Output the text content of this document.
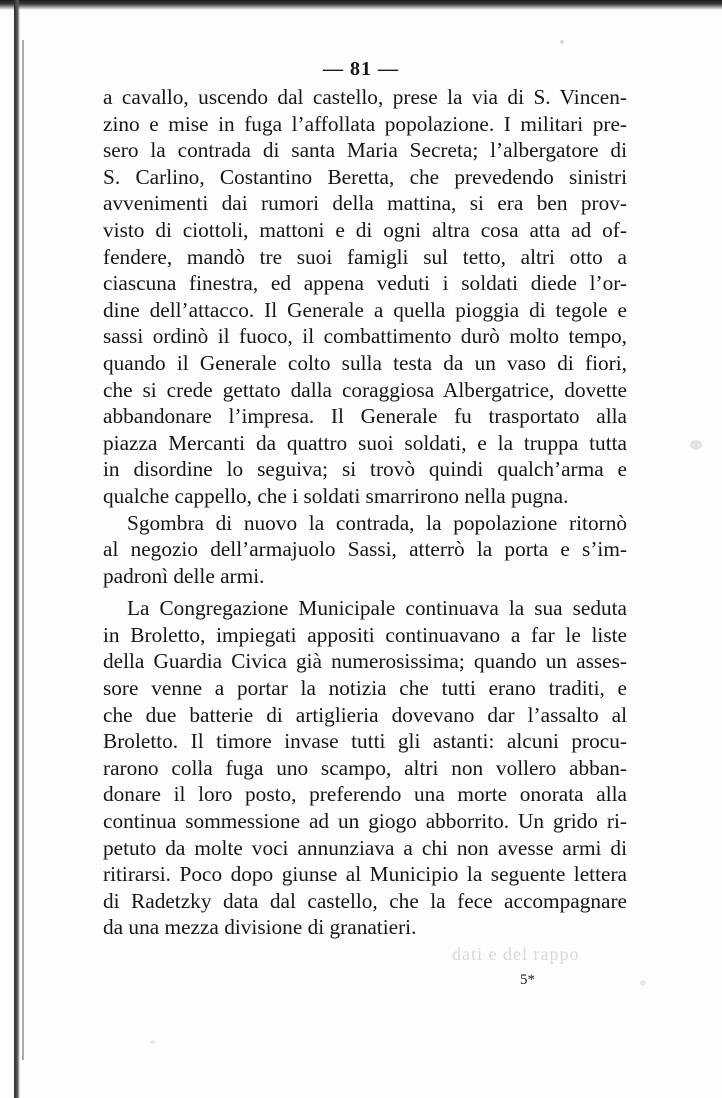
— 81 —
a cavallo, uscendo dal castello, prese la via di S. Vincen-
zino e mise in fuga l’affollata popolazione. I militari pre-
sero la contrada di santa Maria Secreta; l’albergatore di
S. Carlino, Costantino Beretta, che prevedendo sinistri
avvenimenti dai rumori della mattina, si era ben prov-
visto di ciottoli, mattoni e di ogni altra cosa atta ad of-
fendere, mandò tre suoi famigli sul tetto, altri otto a
ciascuna finestra, ed appena veduti i soldati diede l’or-
dine dell’attacco. Il Generale a quella pioggia di tegole e
sassi ordinò il fuoco, il combattimento durò molto tempo,
quando il Generale colto sulla testa da un vaso di fiori,
che si crede gettato dalla coraggiosa Albergatrice, dovette
abbandonare l’impresa. Il Generale fu trasportato alla
piazza Mercanti da quattro suoi soldati, e la truppa tutta
in disordine lo seguiva; si trovò quindi qualch’arma e
qualche cappello, che i soldati smarrirono nella pugna.
Sgombra di nuovo la contrada, la popolazione ritornò
al negozio dell’armajuolo Sassi, atterrò la porta e s’im-
padronì delle armi.
La Congregazione Municipale continuava la sua seduta
in Broletto, impiegati appositi continuavano a far le liste
della Guardia Civica già numerosissima; quando un asses-
sore venne a portar la notizia che tutti erano traditi, e
che due batterie di artiglieria dovevano dar l’assalto al
Broletto. Il timore invase tutti gli astanti: alcuni procu-
rarono colla fuga uno scampo, altri non vollero abban-
donare il loro posto, preferendo una morte onorata alla
continua sommessione ad un giogo abborrito. Un grido ri-
petuto da molte voci annunziava a chi non avesse armi di
ritirarsi. Poco dopo giunse al Municipio la seguente lettera
di Radetzky data dal castello, che la fece accompagnare
da una mezza divisione di granatieri.
dati e del rappo
5*
